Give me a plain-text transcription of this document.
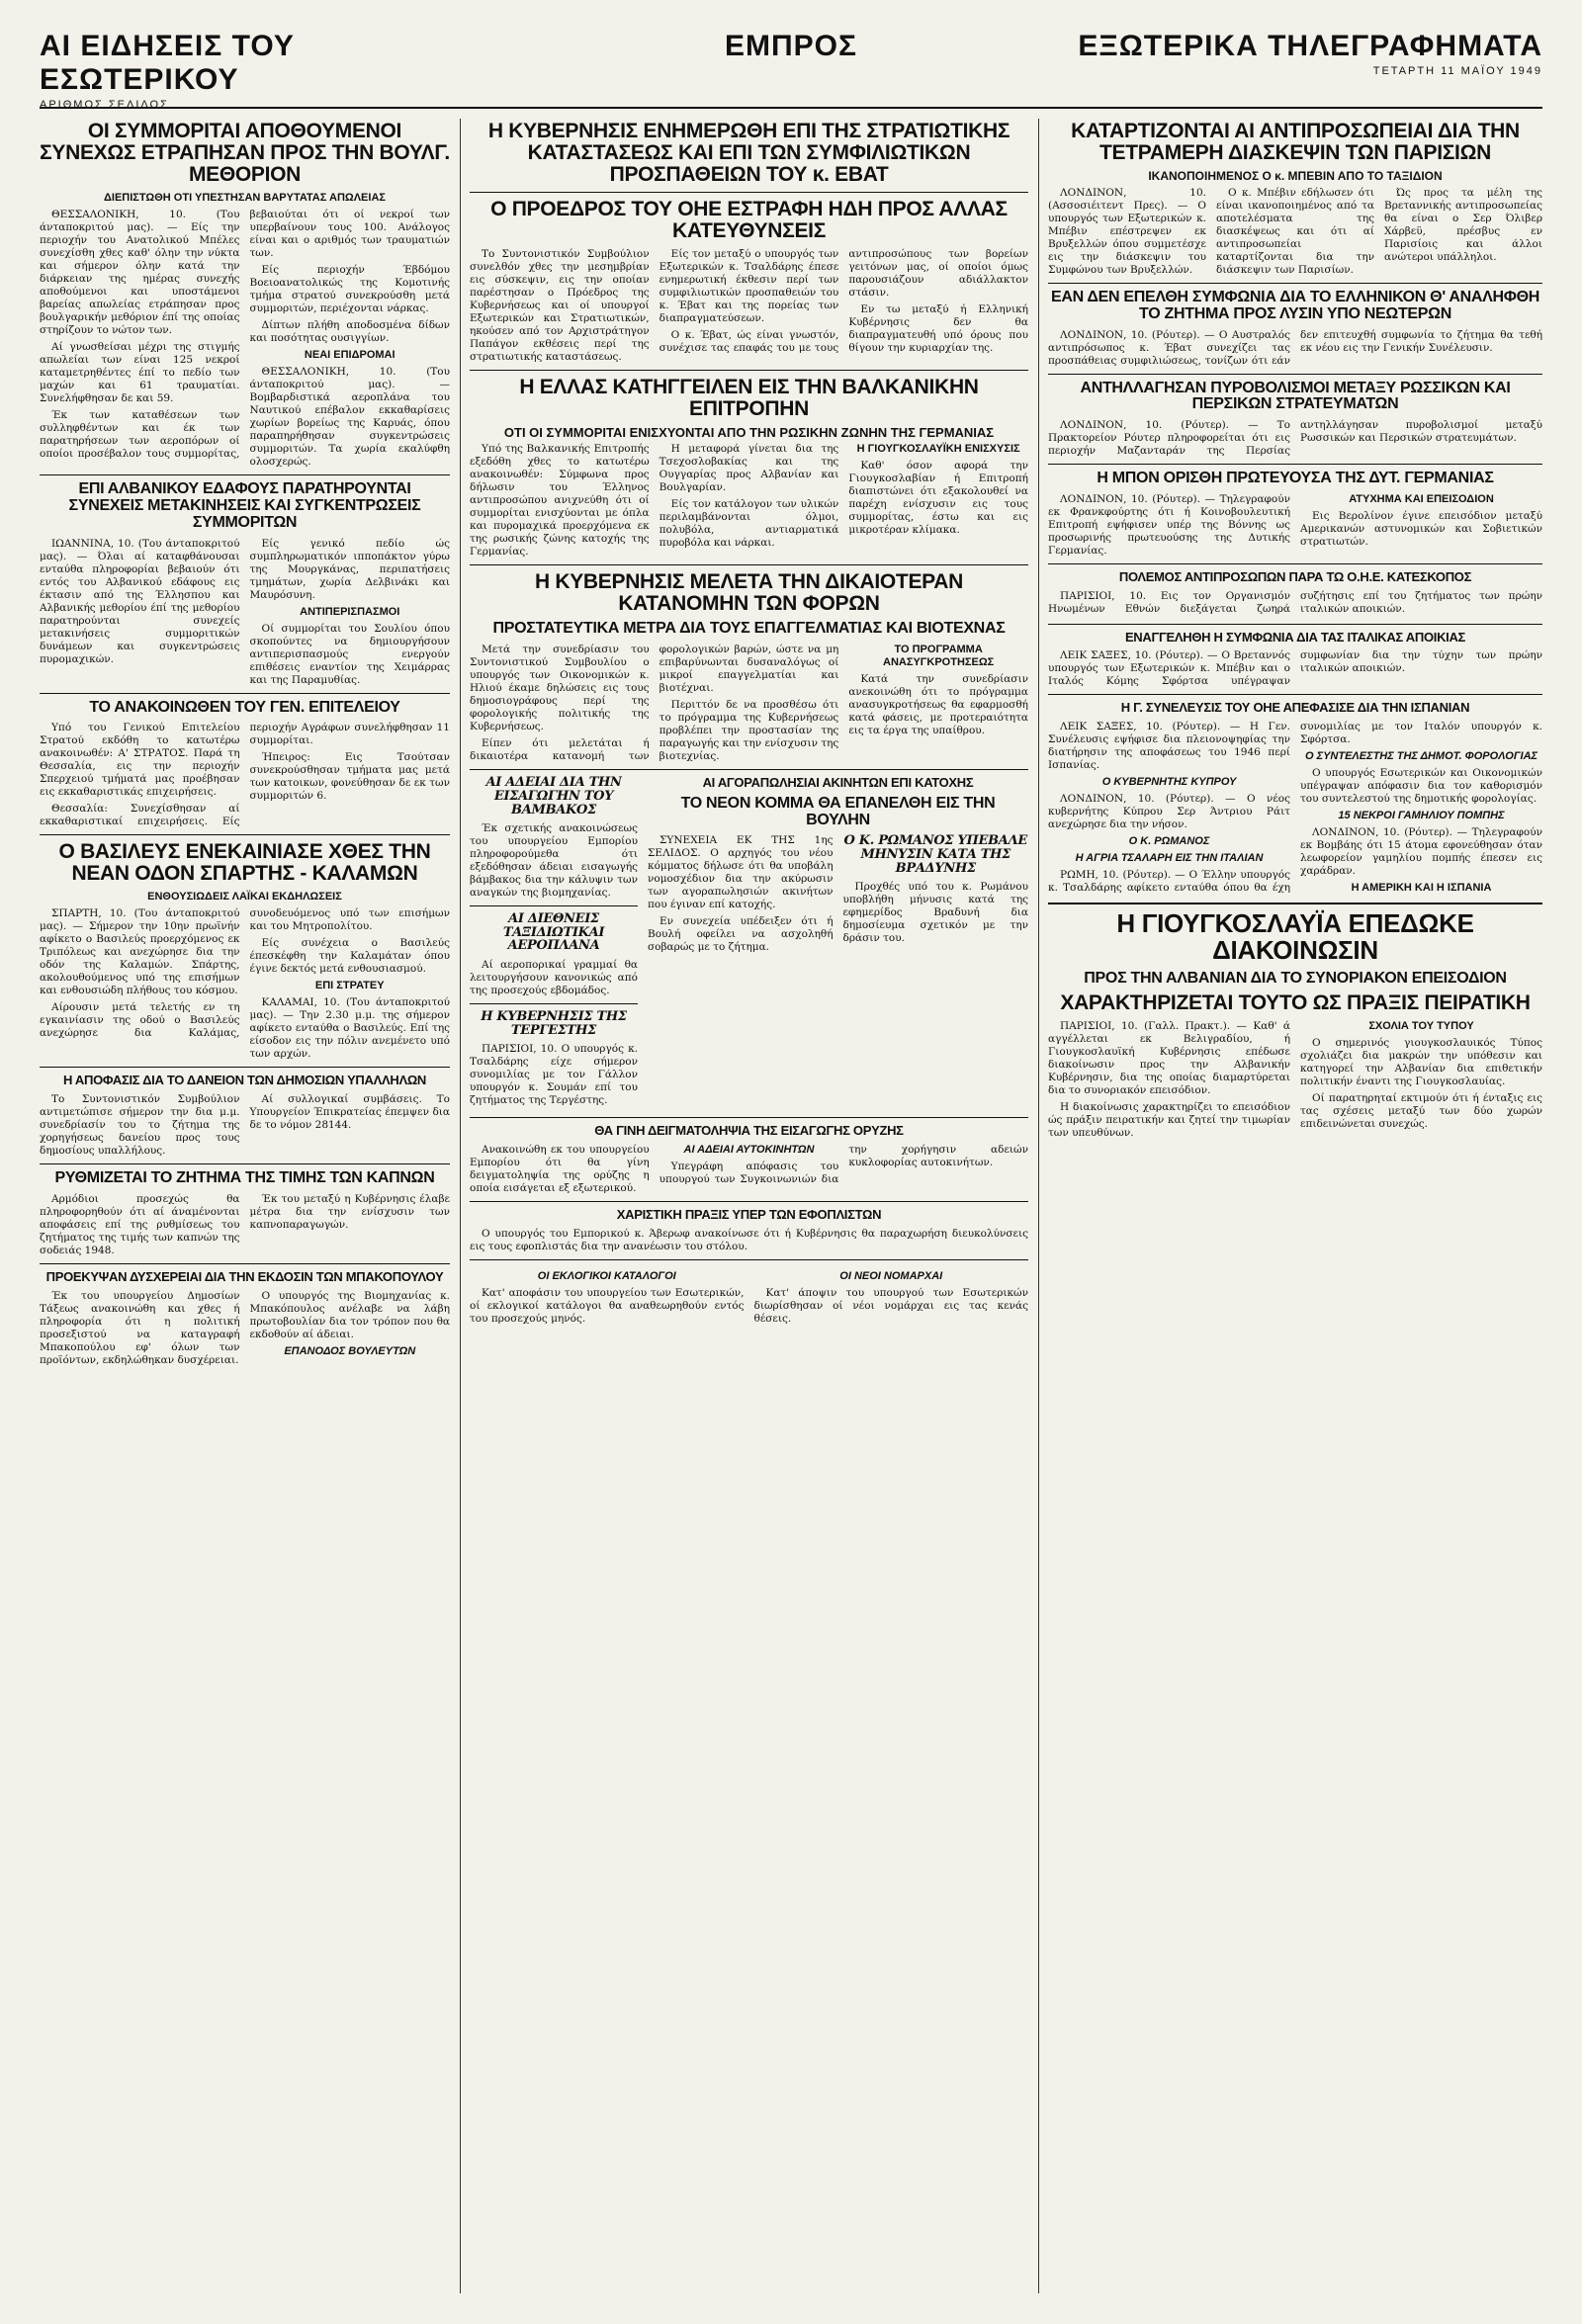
ΑΙ ΕΙΔΗΣΕΙΣ ΤΟΥ ΕΣΩΤΕΡΙΚΟΥ
ΑΡΙΘΜΟΣ ΣΕΛΙΔΟΣ
ΕΜΠΡΟΣ	ΕΞΩΤΕΡΙΚΑ ΤΗΛΕΓΡΑΦΗΜΑΤΑ
ΤΕΤΑΡΤΗ 11 ΜΑΪΟΥ 1949
ΟΙ ΣΥΜΜΟΡΙΤΑΙ ΑΠΟΘΟΥΜΕΝΟΙ ΣΥΝΕΧΩΣ ΕΤΡΑΠΗΣΑΝ ΠΡΟΣ ΤΗΝ ΒΟΥΛΓ. ΜΕΘΟΡΙΟΝ
ΔΙΕΠΙΣΤΩΘΗ ΟΤΙ ΥΠΕΣΤΗΣΑΝ ΒΑΡΥΤΑΤΑΣ ΑΠΩΛΕΙΑΣ

ΘΕΣΣΑΛΟΝΙΚΗ, 10. (Του άνταποκριτού μας). — Είς την περιοχήν του Ανατολικού Μπέλες συνεχίσθη χθες καθ' όλην την νύκτα και σήμερον όλην κατά την διάρκειαν της ημέρας συνεχής αποθούμενοι και υποστάμενοι βαρείας απωλείας ετράπησαν προς βουλγαρικήν μεθόριον έπί της οποίας στηρίζουν το νώτον των.

Αί γνωσθείσαι μέχρι της στιγμής απωλείαι των είναι 125 νεκροί καταμετρηθέντες έπί το πεδίο των μαχών και 61 τραυματίαι. Συνελήφθησαν δε και 59.

Έκ των καταθέσεων των συλληφθέντων και έκ των παρατηρήσεων των αεροπόρων οί οποίοι προσέβαλον τους συμμορίτας, βεβαιούται ότι οί νεκροί των υπερβαίνουν τους 100. Ανάλογος είναι και ο αριθμός των τραυματιών των.

Είς περιοχήν Έβδόμου Βοειοανατολικώς της Κομοτινής τμήμα στρατού συνεκρούσθη μετά συμμοριτών, περιέχονται νάρκας.

Δίπτων πλήθη αποδοσμένα δίδων και ποσότητας ουσιγγίων.

ΝΕΑΙ ΕΠΙΔΡΟΜΑΙ

ΘΕΣΣΑΛΟΝΙΚΗ, 10. (Του άνταποκριτού μας). — Βομβαρδιστικά αεροπλάνα του Ναυτικού επέβαλον εκκαθαρίσεις χωρίων βορείως της Καρυάς, όπου παραπηρήθησαν συγκεντρώσεις συμμοριτών. Τα χωρία εκαλύφθη ολοσχερώς.

ΕΠΙ ΑΛΒΑΝΙΚΟΥ ΕΔΑΦΟΥΣ ΠΑΡΑΤΗΡΟΥΝΤΑΙ ΣΥΝΕΧΕΙΣ ΜΕΤΑΚΙΝΗΣΕΙΣ ΚΑΙ ΣΥΓΚΕΝΤΡΩΣΕΙΣ ΣΥΜΜΟΡΙΤΩΝ

ΙΩΑΝΝΙΝΑ, 10. (Του άνταποκριτού μας). — Όλαι αί καταφθάνουσαι ενταύθα πληροφορίαι βεβαιούν ότι εντός του Αλβανικού εδάφους εις έκτασιν από της Έλλησπου και Αλβανικής μεθορίου έπί της μεθορίου παρατηρούνται συνεχείς μετακινήσεις συμμοριτικών δυνάμεων και συγκεντρώσεις πυρομαχικών.

Είς γενικό πεδίο ώς συμπληρωματικόν ιπποπάκτον γύρω της Μουργκάνας, περιπατήσεις τμημάτων, χωρία Δελβινάκι και Μαυρόσυνη.

ΑΝΤΙΠΕΡΙΣΠΑΣΜΟΙ

Οί συμμορίται του Σουλίου όπου σκοπούντες να δημιουργήσουν αντιπερισπασμούς ενεργούν επιθέσεις εναντίον της Χειμάρρας και της Παραμυθίας.

ΤΟ ΑΝΑΚΟΙΝΩΘΕΝ ΤΟΥ ΓΕΝ. ΕΠΙΤΕΛΕΙΟΥ

Υπό του Γενικού Επιτελείου Στρατού εκδόθη το κατωτέρω ανακοινωθέν: Α' ΣΤΡΑΤΟΣ. Παρά τη Θεσσαλία, εις την περιοχήν Σπερχειού τμήματά μας προέβησαν εις εκκαθαριστικάς επιχειρήσεις.

Θεσσαλία: Συνεχίσθησαν αί εκκαθαριστικαί επιχειρήσεις. Είς περιοχήν Αγράφων συνελήφθησαν 11 συμμορίται.

Ήπειρος: Εις Τσούτσαν συνεκρούσθησαν τμήματα μας μετά των κατοικων, φονεύθησαν δε εκ των συμμοριτών 6.

Ο ΒΑΣΙΛΕΥΣ ΕΝΕΚΑΙΝΙΑΣΕ ΧΘΕΣ ΤΗΝ ΝΕΑΝ ΟΔΟΝ ΣΠΑΡΤΗΣ - ΚΑΛΑΜΩΝ
ΕΝΘΟΥΣΙΩΔΕΙΣ ΛΑΪΚΑΙ ΕΚΔΗΛΩΣΕΙΣ

ΣΠΑΡΤΗ, 10. (Του άνταποκριτού μας). — Σήμερον την 10ην πρωϊνήν αφίκετο ο Βασιλεύς προερχόμενος εκ Τριπόλεως και ανεχώρησε δια την οδόν της Καλαμών. Σπάρτης, ακολουθούμενος υπό της επισήμων και ενθουσιώδη πλήθους του κόσμου.

Αίρουσιν μετά τελετής εν τη εγκαινίασιν της οδού ο Βασιλεύς ανεχώρησε δια Καλάμας, συνοδευόμενος υπό των επισήμων και του Μητροπολίτου.

Είς συνέχεια ο Βασιλεύς έπεσκέφθη την Καλαμάταν όπου έγινε δεκτός μετά ενθουσιασμού.

ΕΠΙ ΣΤΡΑΤΕΥ

ΚΑΛΑΜΑΙ, 10. (Του άνταποκριτού μας). — Την 2.30 μ.μ. της σήμερον αφίκετο ενταύθα ο Βασιλεύς. Επί της είσοδον εις την πόλιν ανεμένετο υπό των αρχών.

Η ΑΠΟΦΑΣΙΣ ΔΙΑ ΤΟ ΔΑΝΕΙΟΝ ΤΩΝ ΔΗΜΟΣΙΩΝ ΥΠΑΛΛΗΛΩΝ

Το Συντονιστικόν Συμβούλιον αντιμετώπισε σήμερον την δια μ.μ. συνεδρίασίν του το ζήτημα της χορηγήσεως δανείου προς τους δημοσίους υπαλλήλους.

Αί συλλογικαί συμβάσεις. Το Υπουργείον Έπικρατείας έπεμψεν δια δε το νόμον 28144.

ΡΥΘΜΙΖΕΤΑΙ ΤΟ ΖΗΤΗΜΑ ΤΗΣ ΤΙΜΗΣ ΤΩΝ ΚΑΠΝΩΝ

Αρμόδιοι προσεχώς θα πληροφορηθούν ότι αί άναμένονται αποφάσεις επί της ρυθμίσεως του ζητήματος της τιμής των καπνών της σοδειάς 1948.

Έκ του μεταξύ η Κυβέρνησις έλαβε μέτρα δια την ενίσχυσιν των καπνοπαραγωγών.

ΠΡΟΕΚΥΨΑΝ ΔΥΣΧΕΡΕΙΑΙ ΔΙΑ ΤΗΝ ΕΚΔΟΣΙΝ ΤΩΝ ΜΠΑΚΟΠΟΥΛΟΥ

Έκ του υπουργείου Δημοσίων Τάξεως ανακοινώθη και χθες ή πληροφορία ότι η πολιτική προσεξιστού να καταγραφή Μπακοπούλου εφ' όλων των προϊόντων, εκδηλώθηκαν δυσχέρειαι.

Ο υπουργός της Βιομηχανίας κ. Μπακόπουλος ανέλαβε να λάβη πρωτοβουλίαν δια τον τρόπον που θα εκδοθούν αί άδειαι.

ΕΠΑΝΟΔΟΣ ΒΟΥΛΕΥΤΩΝ
Η ΚΥΒΕΡΝΗΣΙΣ ΕΝΗΜΕΡΩΘΗ ΕΠΙ ΤΗΣ ΣΤΡΑΤΙΩΤΙΚΗΣ ΚΑΤΑΣΤΑΣΕΩΣ ΚΑΙ ΕΠΙ ΤΩΝ ΣΥΜΦΙΛΙΩΤΙΚΩΝ ΠΡΟΣΠΑΘΕΙΩΝ ΤΟΥ κ. ΕΒΑΤ
Ο ΠΡΟΕΔΡΟΣ ΤΟΥ ΟΗΕ ΕΣΤΡΑΦΗ ΗΔΗ ΠΡΟΣ ΑΛΛΑΣ ΚΑΤΕΥΘΥΝΣΕΙΣ

Το Συντονιστικόν Συμβούλιον συνελθόν χθες την μεσημβρίαν εις σύσκεψιν, εις την οποίαν παρέστησαν ο Πρόεδρος της Κυβερνήσεως και οί υπουργοί Εξωτερικών και Στρατιωτικών, ηκούσεν από τον Αρχιστράτηγον Παπάγον εκθέσεις περί της στρατιωτικής καταστάσεως.

Είς τον μεταξύ ο υπουργός των Εξωτερικών κ. Τσαλδάρης έπεσε ενημερωτική έκθεσιν περί των συμφιλιωτικών προσπαθειών του κ. Έβατ και της πορείας των διαπραγματεύσεων.

Ο κ. Έβατ, ώς είναι γνωστόν, συνέχισε τας επαφάς του με τους αντιπροσώπους των βορείων γειτόνων μας, οί οποίοι όμως παρουσιάζουν αδιάλλακτον στάσιν.

Εν τω μεταξύ ή Ελληνική Κυβέρνησις δεν θα διαπραγματευθή υπό όρους που θίγουν την κυριαρχίαν της.

Η ΕΛΛΑΣ ΚΑΤΗΓΓΕΙΛΕΝ ΕΙΣ ΤΗΝ ΒΑΛΚΑΝΙΚΗΝ ΕΠΙΤΡΟΠΗΝ
ΟΤΙ ΟΙ ΣΥΜΜΟΡΙΤΑΙ ΕΝΙΣΧΥΟΝΤΑΙ ΑΠΟ ΤΗΝ ΡΩΣΙΚΗΝ ΖΩΝΗΝ ΤΗΣ ΓΕΡΜΑΝΙΑΣ

Υπό της Βαλκανικής Επιτροπής εξεδόθη χθες το κατωτέρω ανακοινωθέν: Σύμφωνα προς δήλωσιν του Έλληνος αντιπροσώπου ανιχνεύθη ότι οί συμμορίται ενισχύονται με όπλα και πυρομαχικά προερχόμενα εκ της ρωσικής ζώνης κατοχής της Γερμανίας.

Η μεταφορά γίνεται δια της Τσεχοσλοβακίας και της Ουγγαρίας προς Αλβανίαν και Βουλγαρίαν.

Είς τον κατάλογον των υλικών περιλαμβάνονται όλμοι, πολυβόλα, αντιαρματικά πυροβόλα και νάρκαι.

Η ΓΙΟΥΓΚΟΣΛΑΥΪΚΗ ΕΝΙΣΧΥΣΙΣ

Καθ' όσον αφορά την Γιουγκοσλαβίαν ή Επιτροπή διαπιστώνει ότι εξακολουθεί να παρέχη ενίσχυσιν εις τους συμμορίτας, έστω και εις μικροτέραν κλίμακα.

Η ΚΥΒΕΡΝΗΣΙΣ ΜΕΛΕΤΑ ΤΗΝ ΔΙΚΑΙΟΤΕΡΑΝ ΚΑΤΑΝΟΜΗΝ ΤΩΝ ΦΟΡΩΝ
ΠΡΟΣΤΑΤΕΥΤΙΚΑ ΜΕΤΡΑ ΔΙΑ ΤΟΥΣ ΕΠΑΓΓΕΛΜΑΤΙΑΣ ΚΑΙ ΒΙΟΤΕΧΝΑΣ

Μετά την συνεδρίασιν του Συντονιστικού Συμβουλίου ο υπουργός των Οικονομικών κ. Ηλιού έκαμε δηλώσεις εις τους δημοσιογράφους περί της φορολογικής πολιτικής της Κυβερνήσεως.

Είπεν ότι μελετάται ή δικαιοτέρα κατανομή των φορολογικών βαρών, ώστε να μη επιβαρύνωνται δυσαναλόγως οί μικροί επαγγελματίαι και βιοτέχναι.

Περιττόν δε να προσθέσω ότι το πρόγραμμα της Κυβερνήσεως προβλέπει την προστασίαν της παραγωγής και την ενίσχυσιν της βιοτεχνίας.

ΤΟ ΠΡΟΓΡΑΜΜΑ ΑΝΑΣΥΓΚΡΟΤΗΣΕΩΣ

Κατά την συνεδρίασιν ανεκοινώθη ότι το πρόγραμμα ανασυγκροτήσεως θα εφαρμοσθή κατά φάσεις, με προτεραιότητα εις τα έργα της υπαίθρου.

ΑΙ ΑΔΕΙΑΙ ΔΙΑ ΤΗΝ ΕΙΣΑΓΩΓΗΝ ΤΟΥ ΒΑΜΒΑΚΟΣ

Έκ σχετικής ανακοινώσεως του υπουργείου Εμπορίου πληροφορούμεθα ότι εξεδόθησαν άδειαι εισαγωγής βάμβακος δια την κάλυψιν των αναγκών της βιομηχανίας.

ΑΙ ΔΙΕΘΝΕΙΣ ΤΑΞΙΔΙΩΤΙΚΑΙ ΑΕΡΟΠΛΑΝΑ

Αί αεροπορικαί γραμμαί θα λειτουργήσουν κανονικώς από της προσεχούς εβδομάδος.

Η ΚΥΒΕΡΝΗΣΙΣ ΤΗΣ ΤΕΡΓΕΣΤΗΣ

ΠΑΡΙΣΙΟΙ, 10. Ο υπουργός κ. Τσαλδάρης είχε σήμερον συνομιλίας με τον Γάλλον υπουργόν κ. Σουμάν επί του ζητήματος της Τεργέστης.

ΑΙ ΑΓΟΡΑΠΩΛΗΣΙΑΙ ΑΚΙΝΗΤΩΝ ΕΠΙ ΚΑΤΟΧΗΣ
ΤΟ ΝΕΟΝ ΚΟΜΜΑ ΘΑ ΕΠΑΝΕΛΘΗ ΕΙΣ ΤΗΝ ΒΟΥΛΗΝ

ΣΥΝΕΧΕΙΑ ΕΚ ΤΗΣ 1ης ΣΕΛΙΔΟΣ. Ο αρχηγός του νέου κόμματος δήλωσε ότι θα υποβάλη νομοσχέδιον δια την ακύρωσιν των αγοραπωλησιών ακινήτων που έγιναν επί κατοχής.

Εν συνεχεία υπέδειξεν ότι ή Βουλή οφείλει να ασχοληθή σοβαρώς με το ζήτημα.

Ο Κ. ΡΩΜΑΝΟΣ ΥΠΕΒΑΛΕ ΜΗΝΥΣΙΝ ΚΑΤΑ ΤΗΣ ΒΡΑΔΥΝΗΣ

Προχθές υπό του κ. Ρωμάνου υποβλήθη μήνυσις κατά της εφημερίδος Βραδυνή δια δημοσίευμα σχετικόν με την δράσιν του.

ΘΑ ΓΙΝΗ ΔΕΙΓΜΑΤΟΛΗΨΙΑ ΤΗΣ ΕΙΣΑΓΩΓΗΣ ΟΡΥΖΗΣ

Ανακοινώθη εκ του υπουργείου Εμπορίου ότι θα γίνη δειγματοληψία της ορύζης η οποία εισάγεται εξ εξωτερικού.

ΑΙ ΑΔΕΙΑΙ ΑΥΤΟΚΙΝΗΤΩΝ

Υπεγράφη απόφασις του υπουργού των Συγκοινωνιών δια την χορήγησιν αδειών κυκλοφορίας αυτοκινήτων.

ΧΑΡΙΣΤΙΚΗ ΠΡΑΞΙΣ ΥΠΕΡ ΤΩΝ ΕΦΟΠΛΙΣΤΩΝ

Ο υπουργός του Εμπορικού κ. Άβερωφ ανακοίνωσε ότι ή Κυβέρνησις θα παραχωρήση διευκολύνσεις εις τους εφοπλιστάς δια την ανανέωσιν του στόλου.

ΟΙ ΕΚΛΟΓΙΚΟΙ ΚΑΤΑΛΟΓΟΙ

Κατ' αποφάσιν του υπουργείου των Εσωτερικών, οί εκλογικοί κατάλογοι θα αναθεωρηθούν εντός του προσεχούς μηνός.

ΟΙ ΝΕΟΙ ΝΟΜΑΡΧΑΙ

Κατ' άποψιν του υπουργού των Εσωτερικών διωρίσθησαν οί νέοι νομάρχαι εις τας κενάς θέσεις.

ΚΑΤΑΡΤΙΖΟΝΤΑΙ ΑΙ ΑΝΤΙΠΡΟΣΩΠΕΙΑΙ ΔΙΑ ΤΗΝ ΤΕΤΡΑΜΕΡΗ ΔΙΑΣΚΕΨΙΝ ΤΩΝ ΠΑΡΙΣΙΩΝ
ΙΚΑΝΟΠΟΙΗΜΕΝΟΣ Ο κ. ΜΠΕΒΙΝ ΑΠΟ ΤΟ ΤΑΞΙΔΙΟΝ

ΛΟΝΔΙΝΟΝ, 10. (Ασσοσιέιτεντ Πρες). — Ο υπουργός των Εξωτερικών κ. Μπέβιν επέστρεψεν εκ Βρυξελλών όπου συμμετέσχε εις την διάσκεψιν του Συμφώνου των Βρυξελλών.

Ο κ. Μπέβιν εδήλωσεν ότι είναι ικανοποιημένος από τα αποτελέσματα της διασκέψεως και ότι αί αντιπροσωπείαι καταρτίζονται δια την διάσκεψιν των Παρισίων.

Ώς προς τα μέλη της Βρεταννικής αντιπροσωπείας θα είναι ο Σερ Όλιβερ Χάρβεϋ, πρέσβυς εν Παρισίοις και άλλοι ανώτεροι υπάλληλοι.

ΕΑΝ ΔΕΝ ΕΠΕΛΘΗ ΣΥΜΦΩΝΙΑ ΔΙΑ ΤΟ ΕΛΛΗΝΙΚΟΝ Θ' ΑΝΑΛΗΦΘΗ ΤΟ ΖΗΤΗΜΑ ΠΡΟΣ ΛΥΣΙΝ ΥΠΟ ΝΕΩΤΕΡΩΝ

ΛΟΝΔΙΝΟΝ, 10. (Ρόυτερ). — Ο Αυστραλός αντιπρόσωπος κ. Έβατ συνεχίζει τας προσπάθειας συμφιλιώσεως, τονίζων ότι εάν δεν επιτευχθή συμφωνία το ζήτημα θα τεθή εκ νέου εις την Γενικήν Συνέλευσιν.

ΑΝΤΗΛΛΑΓΗΣΑΝ ΠΥΡΟΒΟΛΙΣΜΟΙ ΜΕΤΑΞΥ ΡΩΣΣΙΚΩΝ ΚΑΙ ΠΕΡΣΙΚΩΝ ΣΤΡΑΤΕΥΜΑΤΩΝ

ΛΟΝΔΙΝΟΝ, 10. (Ρόυτερ). — Το Πρακτορείον Ρόυτερ πληροφορείται ότι εις περιοχήν Μαζανταράν της Περσίας αντηλλάγησαν πυροβολισμοί μεταξύ Ρωσσικών και Περσικών στρατευμάτων.

Η ΜΠΟΝ ΟΡΙΣΘΗ ΠΡΩΤΕΥΟΥΣΑ ΤΗΣ ΔΥΤ. ΓΕΡΜΑΝΙΑΣ

ΛΟΝΔΙΝΟΝ, 10. (Ρόυτερ). — Τηλεγραφούν εκ Φρανκφούρτης ότι ή Κοινοβουλευτική Επιτροπή εψήφισεν υπέρ της Βόννης ως προσωρινής πρωτευούσης της Δυτικής Γερμανίας.

ΑΤΥΧΗΜΑ ΚΑΙ ΕΠΕΙΣΟΔΙΟΝ

Εις Βερολίνον έγινε επεισόδιον μεταξύ Αμερικανών αστυνομικών και Σοβιετικών στρατιωτών.

ΠΟΛΕΜΟΣ ΑΝΤΙΠΡΟΣΩΠΩΝ ΠΑΡΑ ΤΩ Ο.Η.Ε. ΚΑΤΕΣΚΟΠΟΣ

ΠΑΡΙΣΙΟΙ, 10. Εις τον Οργανισμόν Ηνωμένων Εθνών διεξάγεται ζωηρά συζήτησις επί του ζητήματος των πρώην ιταλικών αποικιών.

ΕΝΑΓΓΕΛΗΘΗ Η ΣΥΜΦΩΝΙΑ ΔΙΑ ΤΑΣ ΙΤΑΛΙΚΑΣ ΑΠΟΙΚΙΑΣ

ΛΕΙΚ ΣΑΞΕΣ, 10. (Ρόυτερ). — Ο Βρεταννός υπουργός των Εξωτερικών κ. Μπέβιν και ο Ιταλός Κόμης Σφόρτσα υπέγραψαν συμφωνίαν δια την τύχην των πρώην ιταλικών αποικιών.

Η Γ. ΣΥΝΕΛΕΥΣΙΣ ΤΟΥ ΟΗΕ ΑΠΕΦΑΣΙΣΕ ΔΙΑ ΤΗΝ ΙΣΠΑΝΙΑΝ

ΛΕΙΚ ΣΑΞΕΣ, 10. (Ρόυτερ). — Η Γεν. Συνέλευσις εψήφισε δια πλειονοψηφίας την διατήρησιν της αποφάσεως του 1946 περί Ισπανίας.

Ο ΚΥΒΕΡΝΗΤΗΣ ΚΥΠΡΟΥ

ΛΟΝΔΙΝΟΝ, 10. (Ρόυτερ). — Ο νέος κυβερνήτης Κύπρου Σερ Άντριου Ράιτ ανεχώρησε δια την νήσον.

Ο Κ. ΡΩΜΑΝΟΣ
Η ΑΓΡΙΑ ΤΣΑΛΑΡΗ ΕΙΣ ΤΗΝ ΙΤΑΛΙΑΝ

ΡΩΜΗ, 10. (Ρόυτερ). — Ο Έλλην υπουργός κ. Τσαλδάρης αφίκετο ενταύθα όπου θα έχη συνομιλίας με τον Ιταλόν υπουργόν κ. Σφόρτσα.

Ο ΣΥΝΤΕΛΕΣΤΗΣ ΤΗΣ ΔΗΜΟΤ. ΦΟΡΟΛΟΓΙΑΣ

Ο υπουργός Εσωτερικών και Οικονομικών υπέγραψαν απόφασιν δια τον καθορισμόν του συντελεστού της δημοτικής φορολογίας.

15 ΝΕΚΡΟΙ ΓΑΜΗΛΙΟΥ ΠΟΜΠΗΣ

ΛΟΝΔΙΝΟΝ, 10. (Ρόυτερ). — Τηλεγραφούν εκ Βομβάης ότι 15 άτομα εφονεύθησαν όταν λεωφορείον γαμηλίου πομπής έπεσεν εις χαράδραν.

Η ΑΜΕΡΙΚΗ ΚΑΙ Η ΙΣΠΑΝΙΑ
Η ΓΙΟΥΓΚΟΣΛΑΥΪΑ ΕΠΕΔΩΚΕ ΔΙΑΚΟΙΝΩΣΙΝ
ΠΡΟΣ ΤΗΝ ΑΛΒΑΝΙΑΝ ΔΙΑ ΤΟ ΣΥΝΟΡΙΑΚΟΝ ΕΠΕΙΣΟΔΙΟΝ
ΧΑΡΑΚΤΗΡΙΖΕΤΑΙ ΤΟΥΤΟ ΩΣ ΠΡΑΞΙΣ ΠΕΙΡΑΤΙΚΗ

ΠΑΡΙΣΙΟΙ, 10. (Γαλλ. Πρακτ.). — Καθ' ά αγγέλλεται εκ Βελιγραδίου, ή Γιουγκοσλαυϊκή Κυβέρνησις επέδωσε διακοίνωσιν προς την Αλβανικήν Κυβέρνησιν, δια της οποίας διαμαρτύρεται δια το συνοριακόν επεισόδιον.

Η διακοίνωσις χαρακτηρίζει το επεισόδιον ώς πράξιν πειρατικήν και ζητεί την τιμωρίαν των υπευθύνων.

ΣΧΟΛΙΑ ΤΟΥ ΤΥΠΟΥ

Ο σημερινός γιουγκοσλαυικός Τύπος σχολιάζει δια μακρών την υπόθεσιν και κατηγορεί την Αλβανίαν δια επιθετικήν πολιτικήν έναντι της Γιουγκοσλαυίας.

Οί παρατηρηταί εκτιμούν ότι ή ένταξις εις τας σχέσεις μεταξύ των δύο χωρών επιδεινώνεται συνεχώς.
